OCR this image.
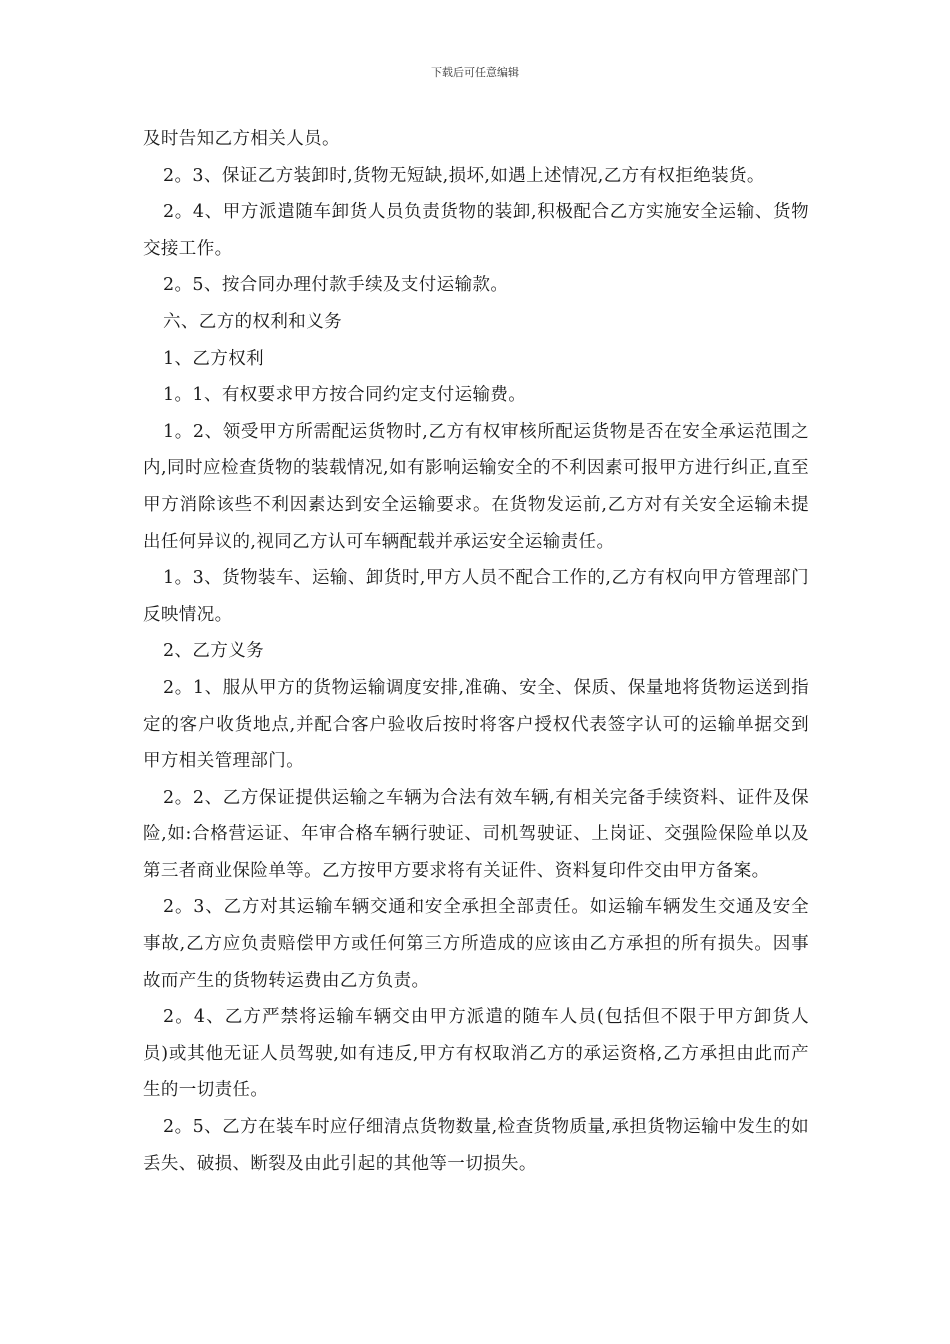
下载后可任意编辑

及时告知乙方相关人员。

2。3、保证乙方装卸时,货物无短缺,损坏,如遇上述情况,乙方有权拒绝装货。

2。4、甲方派遣随车卸货人员负责货物的装卸,积极配合乙方实施安全运输、货物交接工作。

2。5、按合同办理付款手续及支付运输款。

六、乙方的权利和义务

1、乙方权利

1。1、有权要求甲方按合同约定支付运输费。

1。2、领受甲方所需配运货物时,乙方有权审核所配运货物是否在安全承运范围之内,同时应检查货物的装载情况,如有影响运输安全的不利因素可报甲方进行纠正,直至甲方消除该些不利因素达到安全运输要求。在货物发运前,乙方对有关安全运输未提出任何异议的,视同乙方认可车辆配载并承运安全运输责任。

1。3、货物装车、运输、卸货时,甲方人员不配合工作的,乙方有权向甲方管理部门反映情况。

2、乙方义务

2。1、服从甲方的货物运输调度安排,准确、安全、保质、保量地将货物运送到指定的客户收货地点,并配合客户验收后按时将客户授权代表签字认可的运输单据交到甲方相关管理部门。

2。2、乙方保证提供运输之车辆为合法有效车辆,有相关完备手续资料、证件及保险,如:合格营运证、年审合格车辆行驶证、司机驾驶证、上岗证、交强险保险单以及第三者商业保险单等。乙方按甲方要求将有关证件、资料复印件交由甲方备案。

2。3、乙方对其运输车辆交通和安全承担全部责任。如运输车辆发生交通及安全事故,乙方应负责赔偿甲方或任何第三方所造成的应该由乙方承担的所有损失。因事故而产生的货物转运费由乙方负责。

2。4、乙方严禁将运输车辆交由甲方派遣的随车人员(包括但不限于甲方卸货人员)或其他无证人员驾驶,如有违反,甲方有权取消乙方的承运资格,乙方承担由此而产生的一切责任。

2。5、乙方在装车时应仔细清点货物数量,检查货物质量,承担货物运输中发生的如丢失、破损、断裂及由此引起的其他等一切损失。
